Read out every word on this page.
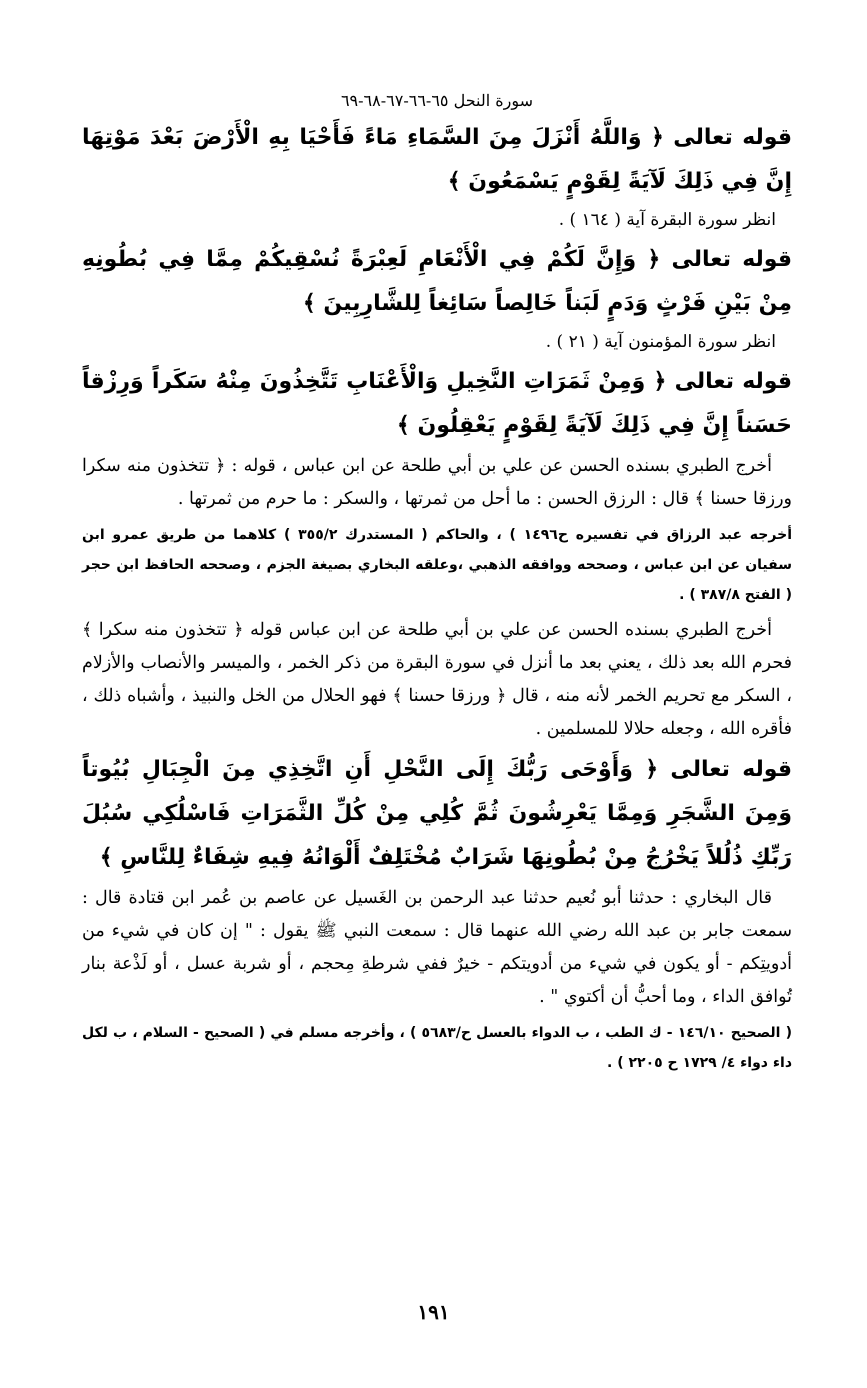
سورة النحل ٦٥-٦٦-٦٧-٦٨-٦٩

قوله تعالى ﴿ وَاللَّهُ أَنْزَلَ مِنَ السَّمَاءِ مَاءً فَأَحْيَا بِهِ الْأَرْضَ بَعْدَ مَوْتِهَا إِنَّ فِي ذَلِكَ لَآيَةً لِقَوْمٍ يَسْمَعُونَ ﴾

انظر سورة البقرة آية ( ١٦٤ ) .

قوله تعالى ﴿ وَإِنَّ لَكُمْ فِي الْأَنْعَامِ لَعِبْرَةً نُسْقِيكُمْ مِمَّا فِي بُطُونِهِ مِنْ بَيْنِ فَرْثٍ وَدَمٍ لَبَناً خَالِصاً سَائِغاً لِلشَّارِبِينَ ﴾

انظر سورة المؤمنون آية ( ٢١ ) .

قوله تعالى ﴿ وَمِنْ ثَمَرَاتِ النَّخِيلِ وَالْأَعْنَابِ تَتَّخِذُونَ مِنْهُ سَكَراً وَرِزْقاً حَسَناً إِنَّ فِي ذَلِكَ لَآيَةً لِقَوْمٍ يَعْقِلُونَ ﴾

أخرج الطبري بسنده الحسن عن علي بن أبي طلحة عن ابن عباس ، قوله : ﴿ تتخذون منه سكرا ورزقا حسنا ﴾ قال : الرزق الحسن : ما أحل من ثمرتها ، والسكر : ما حرم من ثمرتها .

أخرجه عبد الرزاق في تفسيره ح١٤٩٦ ) ، والحاكم ( المستدرك ٣٥٥/٢ ) كلاهما من طريق عمرو ابن سفيان عن ابن عباس ، وصححه ووافقه الذهبي ،وعلقه البخاري بصيغة الجزم ، وصححه الحافظ ابن حجر ( الفتح ٣٨٧/٨ ) .

أخرج الطبري بسنده الحسن عن علي بن أبي طلحة عن ابن عباس قوله ﴿ تتخذون منه سكرا ﴾ فحرم الله بعد ذلك ، يعني بعد ما أنزل في سورة البقرة من ذكر الخمر ، والميسر والأنصاب والأزلام ، السكر مع تحريم الخمر لأنه منه ، قال ﴿ ورزقا حسنا ﴾ فهو الحلال من الخل والنبيذ ، وأشباه ذلك ، فأقره الله ، وجعله حلالا للمسلمين .

قوله تعالى ﴿ وَأَوْحَى رَبُّكَ إِلَى النَّحْلِ أَنِ اتَّخِذِي مِنَ الْجِبَالِ بُيُوتاً وَمِنَ الشَّجَرِ وَمِمَّا يَعْرِشُونَ ثُمَّ كُلِي مِنْ كُلِّ الثَّمَرَاتِ فَاسْلُكِي سُبُلَ رَبِّكِ ذُلُلاً يَخْرُجُ مِنْ بُطُونِهَا شَرَابٌ مُخْتَلِفٌ أَلْوَانُهُ فِيهِ شِفَاءٌ لِلنَّاسِ ﴾

قال البخاري : حدثنا أبو نُعيم حدثنا عبد الرحمن بن الغَسيل عن عاصم بن عُمر ابن قتادة قال : سمعت جابر بن عبد الله رضي الله عنهما قال : سمعت النبي ﷺ يقول : " إن كان في شيء من أدويتِكم - أو يكون في شيء من أدويتكم - خيرٌ ففي شرطةِ مِحجم ، أو شربة عسل ، أو لَذْعة بنار تُوافق الداء ، وما أحبُّ أن أكتوي " .

( الصحيح ١٤٦/١٠ - ك الطب ، ب الدواء بالعسل ح/٥٦٨٣ ) ، وأخرجه مسلم في ( الصحيح - السلام ، ب لكل داء دواء ٤/ ١٧٢٩ ح ٢٢٠٥ ) .

١٩١
